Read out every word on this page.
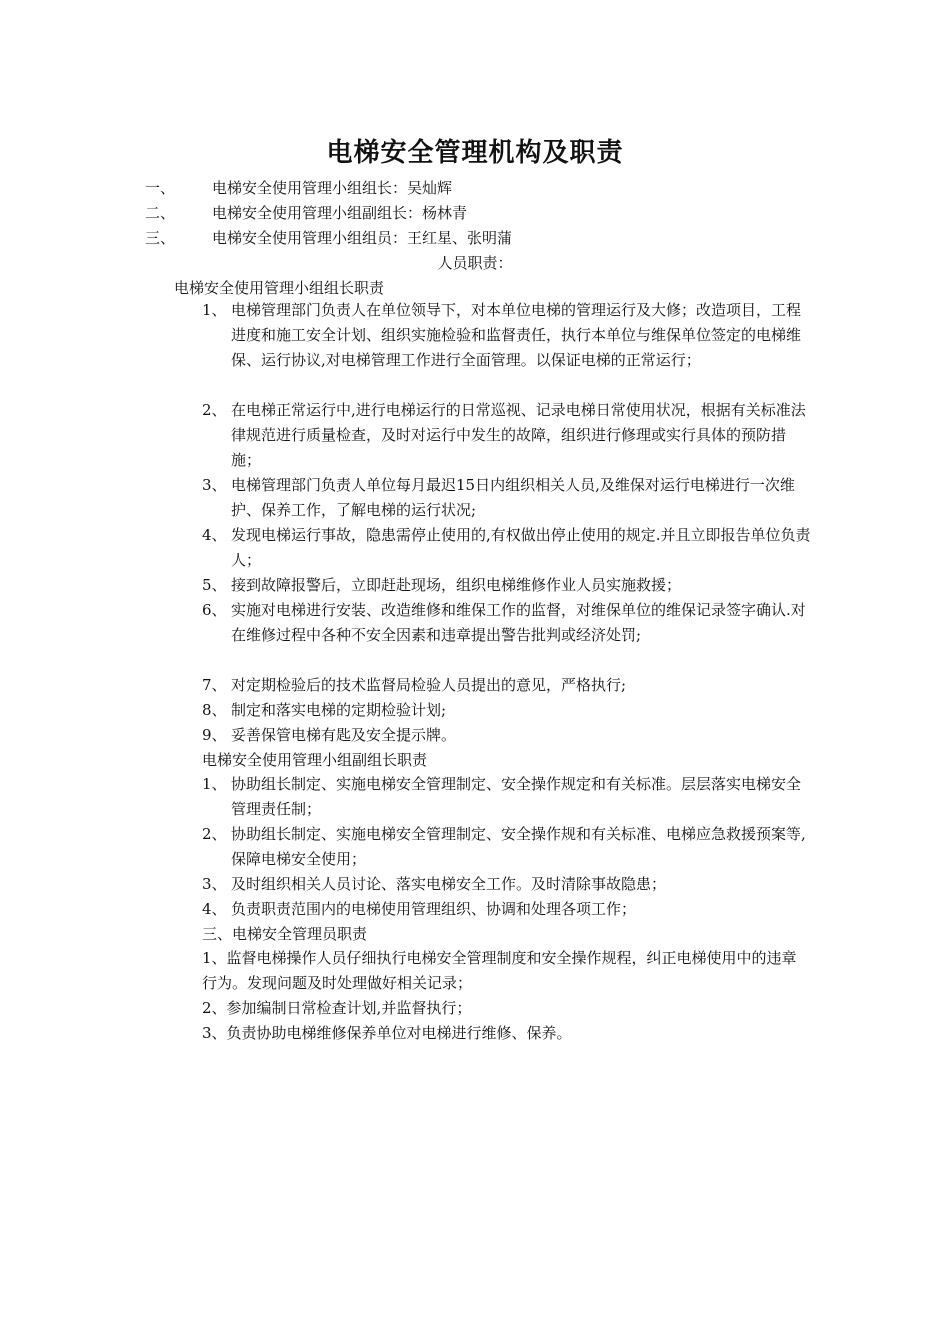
电梯安全管理机构及职责
一、 电梯安全使用管理小组组长：吴灿辉
二、 电梯安全使用管理小组副组长：杨林青
三、 电梯安全使用管理小组组员：王红星、张明蒲
人员职责：
电梯安全使用管理小组组长职责
1、 电梯管理部门负责人在单位领导下，对本单位电梯的管理运行及大修；改造项目，工程进度和施工安全计划、组织实施检验和监督责任，执行本单位与维保单位签定的电梯维保、运行协议,对电梯管理工作进行全面管理。以保证电梯的正常运行；
2、 在电梯正常运行中,进行电梯运行的日常巡视、记录电梯日常使用状况，根据有关标准法律规范进行质量检查，及时对运行中发生的故障，组织进行修理或实行具体的预防措施；
3、 电梯管理部门负责人单位每月最迟15日内组织相关人员,及维保对运行电梯进行一次维护、保养工作，了解电梯的运行状况;
4、 发现电梯运行事故，隐患需停止使用的,有权做出停止使用的规定.并且立即报告单位负责人；
5、 接到故障报警后，立即赶赴现场，组织电梯维修作业人员实施救援；
6、 实施对电梯进行安装、改造维修和维保工作的监督，对维保单位的维保记录签字确认.对在维修过程中各种不安全因素和违章提出警告批判或经济处罚;
7、 对定期检验后的技术监督局检验人员提出的意见，严格执行;
8、 制定和落实电梯的定期检验计划;
9、 妥善保管电梯有匙及安全提示牌。
电梯安全使用管理小组副组长职责
1、 协助组长制定、实施电梯安全管理制定、安全操作规定和有关标准。层层落实电梯安全管理责任制；
2、 协助组长制定、实施电梯安全管理制定、安全操作规和有关标准、电梯应急救援预案等,保障电梯安全使用；
3、 及时组织相关人员讨论、落实电梯安全工作。及时清除事故隐患；
4、 负责职责范围内的电梯使用管理组织、协调和处理各项工作；
三、电梯安全管理员职责
1、监督电梯操作人员仔细执行电梯安全管理制度和安全操作规程，纠正电梯使用中的违章行为。发现问题及时处理做好相关记录；
2、参加编制日常检查计划,并监督执行；
3、负责协助电梯维修保养单位对电梯进行维修、保养。
